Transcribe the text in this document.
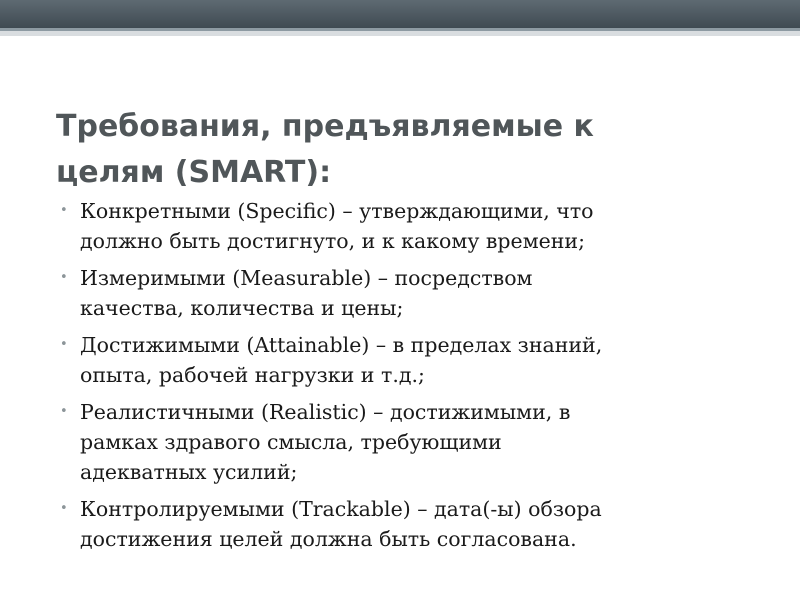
Требования, предъявляемые к
целям (SMART):
• Конкретными (Specific) – утверждающими, что
должно быть достигнуто, и к какому времени;
• Измеримыми (Measurable) – посредством
качества, количества и цены;
• Достижимыми (Attainable) – в пределах знаний,
опыта, рабочей нагрузки и т.д.;
• Реалистичными (Realistic) – достижимыми, в
рамках здравого смысла, требующими
адекватных усилий;
• Контролируемыми (Trackable) – дата(-ы) обзора
достижения целей должна быть согласована.
